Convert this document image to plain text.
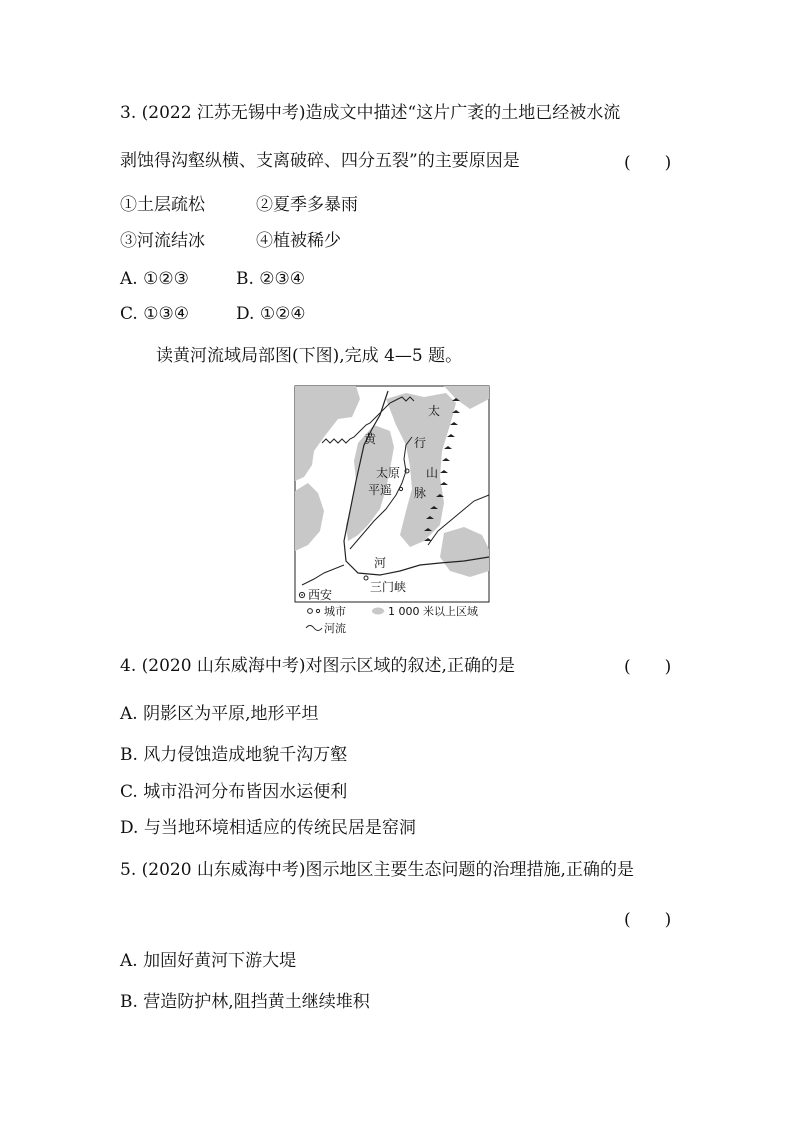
3. (2022 江苏无锡中考)造成文中描述“这片广袤的土地已经被水流
剥蚀得沟壑纵横、支离破碎、四分五裂”的主要原因是	(　　)
①土层疏松	②夏季多暴雨
③河流结冰	④植被稀少
A. ①②③	B. ②③④
C. ①③④	D. ①②④
读黄河流域局部图(下图),完成 4—5 题。
黄
河
太
行
山
脉
太原
平遥
三门峡
西安
城市
河流
1 000 米以上区域
4. (2020 山东威海中考)对图示区域的叙述,正确的是	(　　)
A. 阴影区为平原,地形平坦
B. 风力侵蚀造成地貌千沟万壑
C. 城市沿河分布皆因水运便利
D. 与当地环境相适应的传统民居是窑洞
5. (2020 山东威海中考)图示地区主要生态问题的治理措施,正确的是
(　　)
A. 加固好黄河下游大堤
B. 营造防护林,阻挡黄土继续堆积
